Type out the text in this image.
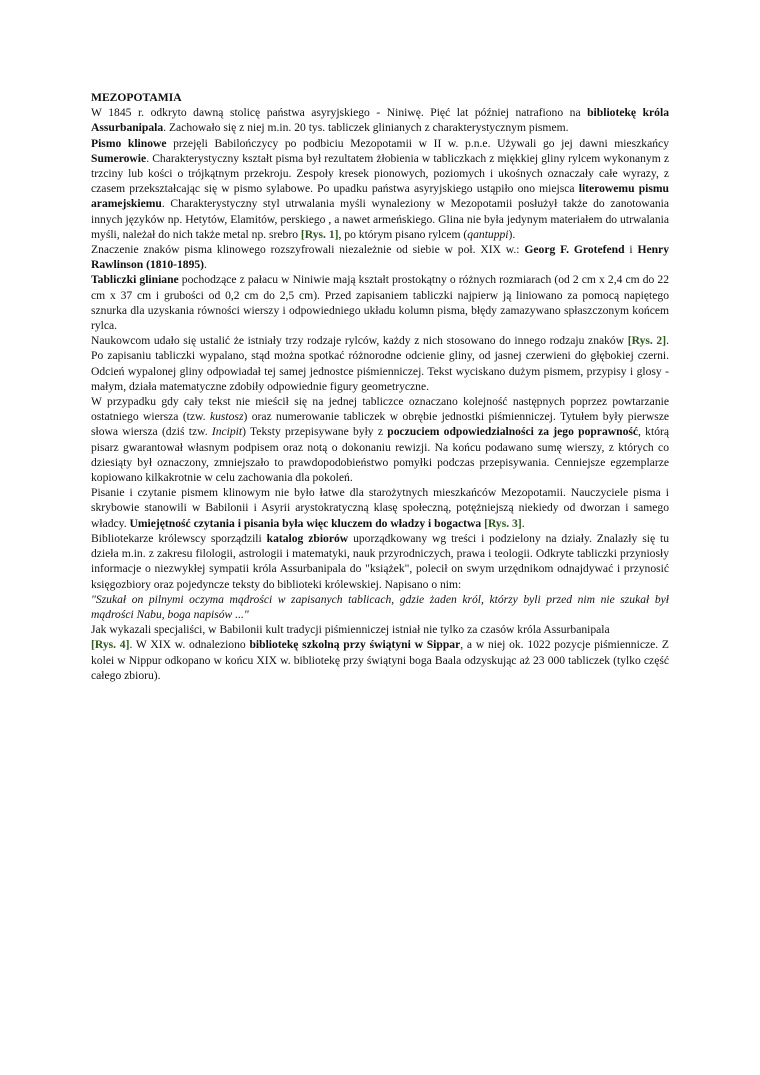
MEZOPOTAMIA

W 1845 r. odkryto dawną stolicę państwa asyryjskiego - Niniwę. Pięć lat później natrafiono na bibliotekę króla Assurbanipala. Zachowało się z niej m.in. 20 tys. tabliczek glinianych z charakterystycznym pismem.

Pismo klinowe przejęli Babilończycy po podbiciu Mezopotamii w II w. p.n.e. Używali go jej dawni mieszkańcy Sumerowie. Charakterystyczny kształt pisma był rezultatem żłobienia w tabliczkach z miękkiej gliny rylcem wykonanym z trzciny lub kości o trójkątnym przekroju. Zespoły kresek pionowych, poziomych i ukośnych oznaczały całe wyrazy, z czasem przekształcając się w pismo sylabowe. Po upadku państwa asyryjskiego ustąpiło ono miejsca literowemu pismu aramejskiemu. Charakterystyczny styl utrwalania myśli wynaleziony w Mezopotamii posłużył także do zanotowania innych języków np. Hetytów, Elamitów, perskiego , a nawet armeńskiego. Glina nie była jedynym materiałem do utrwalania myśli, należał do nich także metal np. srebro [Rys. 1], po którym pisano rylcem (qantuppi).

Znaczenie znaków pisma klinowego rozszyfrowali niezależnie od siebie w poł. XIX w.: Georg F. Grotefend i Henry Rawlinson (1810-1895).

Tabliczki gliniane pochodzące z pałacu w Niniwie mają kształt prostokątny o różnych rozmiarach (od 2 cm x 2,4 cm do 22 cm x 37 cm i grubości od 0,2 cm do 2,5 cm). Przed zapisaniem tabliczki najpierw ją liniowano za pomocą napiętego sznurka dla uzyskania równości wierszy i odpowiedniego układu kolumn pisma, błędy zamazywano spłaszczonym końcem rylca.

Naukowcom udało się ustalić że istniały trzy rodzaje rylców, każdy z nich stosowano do innego rodzaju znaków [Rys. 2]. Po zapisaniu tabliczki wypalano, stąd można spotkać różnorodne odcienie gliny, od jasnej czerwieni do głębokiej czerni. Odcień wypalonej gliny odpowiadał tej samej jednostce piśmienniczej. Tekst wyciskano dużym pismem, przypisy i glosy - małym, działa matematyczne zdobiły odpowiednie figury geometryczne.

W przypadku gdy cały tekst nie mieścił się na jednej tabliczce oznaczano kolejność następnych poprzez powtarzanie ostatniego wiersza (tzw. kustosz) oraz numerowanie tabliczek w obrębie jednostki piśmienniczej. Tytułem były pierwsze słowa wiersza (dziś tzw. Incipit) Teksty przepisywane były z poczuciem odpowiedzialności za jego poprawność, którą pisarz gwarantował własnym podpisem oraz notą o dokonaniu rewizji. Na końcu podawano sumę wierszy, z których co dziesiąty był oznaczony, zmniejszało to prawdopodobieństwo pomyłki podczas przepisywania. Cenniejsze egzemplarze kopiowano kilkakrotnie w celu zachowania dla pokoleń.

Pisanie i czytanie pismem klinowym nie było łatwe dla starożytnych mieszkańców Mezopotamii. Nauczyciele pisma i skrybowie stanowili w Babilonii i Asyrii arystokratyczną klasę społeczną, potężniejszą niekiedy od dworzan i samego władcy. Umiejętność czytania i pisania była więc kluczem do władzy i bogactwa [Rys. 3].

Bibliotekarze królewscy sporządzili katalog zbiorów uporządkowany wg treści i podzielony na działy. Znalazły się tu dzieła m.in. z zakresu filologii, astrologii i matematyki, nauk przyrodniczych, prawa i teologii. Odkryte tabliczki przyniosły informacje o niezwykłej sympatii króla Assurbanipala do "książek", polecił on swym urzędnikom odnajdywać i przynosić księgozbiory oraz pojedyncze teksty do biblioteki królewskiej. Napisano o nim:

"Szukał on pilnymi oczyma mądrości w zapisanych tablicach, gdzie żaden król, którzy byli przed nim nie szukał był mądrości Nabu, boga napisów ..."

Jak wykazali specjaliści, w Babilonii kult tradycji piśmienniczej istniał nie tylko za czasów króla Assurbanipala

[Rys. 4]. W XIX w. odnaleziono bibliotekę szkolną przy świątyni w Sippar, a w niej ok. 1022 pozycje piśmiennicze. Z kolei w Nippur odkopano w końcu XIX w. bibliotekę przy świątyni boga Baala odzyskując aż 23 000 tabliczek (tylko część całego zbioru).
